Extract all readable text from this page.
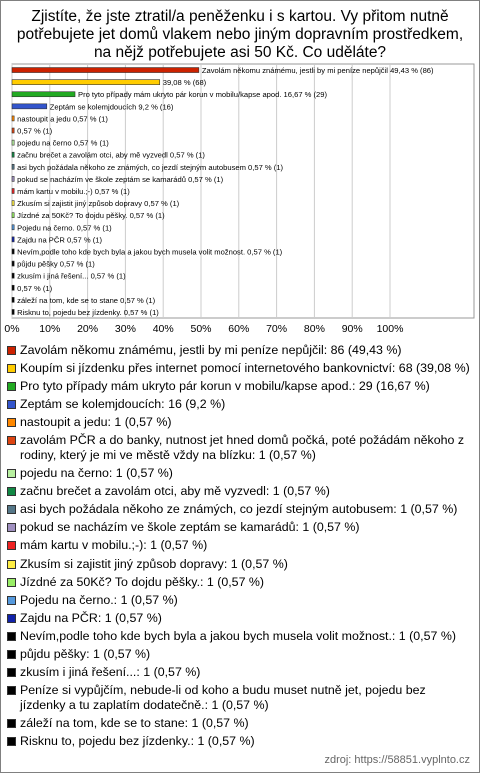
Zjistíte, že jste ztratil/a peněženku i s kartou. Vy přitom nutně potřebujete jet domů vlakem nebo jiným dopravním prostředkem, na nějž potřebujete asi 50 Kč. Co uděláte?
0% 10% 20% 30% 40% 50% 60% 70% 80% 90% 100%
Zavolám někomu známému, jestli by mi peníze nepůjčil 49,43 % (86)
39,08 % (68)
Pro tyto případy mám ukryto pár korun v mobilu/kapse apod. 16,67 % (29)
Zeptám se kolemjdoucích 9,2 % (16)
nastoupit a jedu 0,57 % (1)
0,57 % (1)
pojedu na černo 0,57 % (1)
začnu brečet a zavolám otci, aby mě vyzvedl 0,57 % (1)
asi bych požádala někoho ze známých, co jezdí stejným autobusem 0,57 % (1)
pokud se nacházím ve škole zeptám se kamarádů 0,57 % (1)
mám kartu v mobilu.;-) 0,57 % (1)
Zkusím si zajistit jiný způsob dopravy 0,57 % (1)
Jízdné za 50Kč? To dojdu pěšky. 0,57 % (1)
Pojedu na černo. 0,57 % (1)
Zajdu na PČR 0,57 % (1)
Nevím,podle toho kde bych byla a jakou bych musela volit možnost. 0,57 % (1)
půjdu pěšky 0,57 % (1)
zkusím i jiná řešení... 0,57 % (1)
0,57 % (1)
záleží na tom, kde se to stane 0,57 % (1)
Risknu to, pojedu bez jízdenky. 0,57 % (1)
Zavolám někomu známému, jestli by mi peníze nepůjčil: 86 (49,43 %)
Koupím si jízdenku přes internet pomocí internetového bankovnictví: 68 (39,08 %)
Pro tyto případy mám ukryto pár korun v mobilu/kapse apod.: 29 (16,67 %)
Zeptám se kolemjdoucích: 16 (9,2 %)
nastoupit a jedu: 1 (0,57 %)
zavolám PČR a do banky, nutnost jet hned domů počká, poté požádám někoho z rodiny, který je mi ve městě vždy na blízku: 1 (0,57 %)
pojedu na černo: 1 (0,57 %)
začnu brečet a zavolám otci, aby mě vyzvedl: 1 (0,57 %)
asi bych požádala někoho ze známých, co jezdí stejným autobusem: 1 (0,57 %)
pokud se nacházím ve škole zeptám se kamarádů: 1 (0,57 %)
mám kartu v mobilu.;-): 1 (0,57 %)
Zkusím si zajistit jiný způsob dopravy: 1 (0,57 %)
Jízdné za 50Kč? To dojdu pěšky.: 1 (0,57 %)
Pojedu na černo.: 1 (0,57 %)
Zajdu na PČR: 1 (0,57 %)
Nevím,podle toho kde bych byla a jakou bych musela volit možnost.: 1 (0,57 %)
půjdu pěšky: 1 (0,57 %)
zkusím i jiná řešení...: 1 (0,57 %)
Peníze si vypůjčím, nebude-li od koho a budu muset nutně jet, pojedu bez jízdenky a tu zaplatím dodatečně.: 1 (0,57 %)
záleží na tom, kde se to stane: 1 (0,57 %)
Risknu to, pojedu bez jízdenky.: 1 (0,57 %)
zdroj: https://58851.vyplnto.cz
